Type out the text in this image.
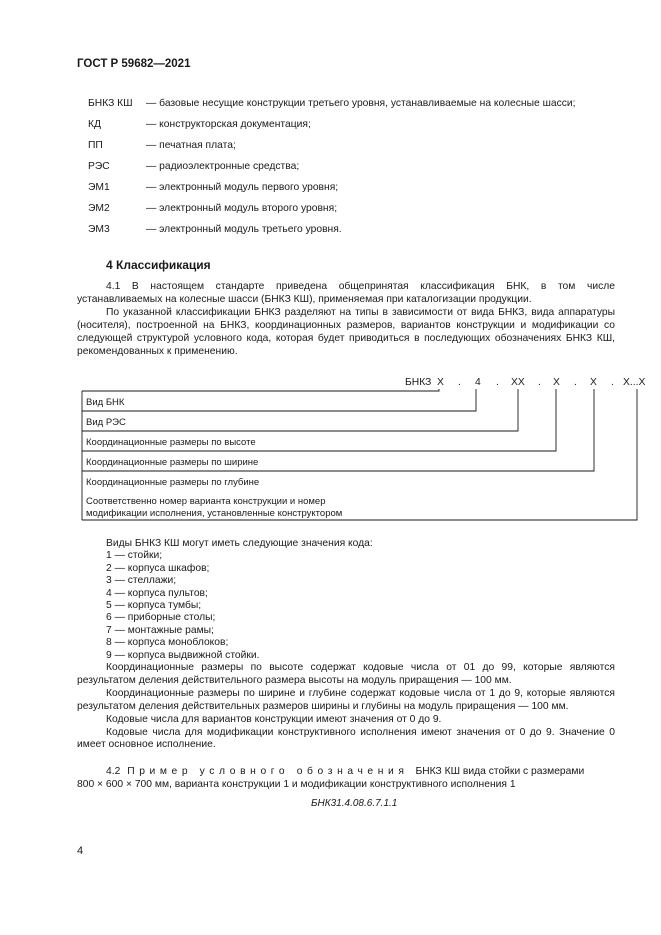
ГОСТ Р 59682—2021
БНКЗ КШ — базовые несущие конструкции третьего уровня, устанавливаемые на колесные шасси;
КД	— конструкторская документация;
ПП	— печатная плата;
РЭС	— радиоэлектронные средства;
ЭМ1	— электронный модуль первого уровня;
ЭМ2	— электронный модуль второго уровня;
ЭМ3	— электронный модуль третьего уровня.
4 Классификация

4.1 В настоящем стандарте приведена общепринятая классификация БНК, в том числе устанавливаемых на колесные шасси (БНКЗ КШ), применяемая при каталогизации продукции.

По указанной классификации БНКЗ разделяют на типы в зависимости от вида БНКЗ, вида аппаратуры (носителя), построенной на БНКЗ, координационных размеров, вариантов конструкции и модификации со следующей структурой условного кода, которая будет приводиться в последующих обозначениях БНКЗ КШ, рекомендованных к применению.

БНКЗ X . 4 . XX . X . X . X...X
Вид БНК
Вид РЭС
Координационные размеры по высоте
Координационные размеры по ширине
Координационные размеры по глубине
Соответственно номер варианта конструкции и номер
модификации исполнения, установленные конструктором
Виды БНКЗ КШ могут иметь следующие значения кода:
1 — стойки;
2 — корпуса шкафов;
3 — стеллажи;
4 — корпуса пультов;
5 — корпуса тумбы;
6 — приборные столы;
7 — монтажные рамы;
8 — корпуса моноблоков;
9 — корпуса выдвижной стойки.

Координационные размеры по высоте содержат кодовые числа от 01 до 99, которые являются результатом деления действительного размера высоты на модуль приращения — 100 мм.

Координационные размеры по ширине и глубине содержат кодовые числа от 1 до 9, которые являются результатом деления действительных размеров ширины и глубины на модуль приращения — 100 мм.

Кодовые числа для вариантов конструкции имеют значения от 0 до 9.

Кодовые числа для модификации конструктивного исполнения имеют значения от 0 до 9. Значение 0 имеет основное исполнение.

4.2 Пример условного обозначения БНКЗ КШ вида стойки с размерами

800 × 600 × 700 мм, варианта конструкции 1 и модификации конструктивного исполнения 1

БНК31.4.08.6.7.1.1
4
